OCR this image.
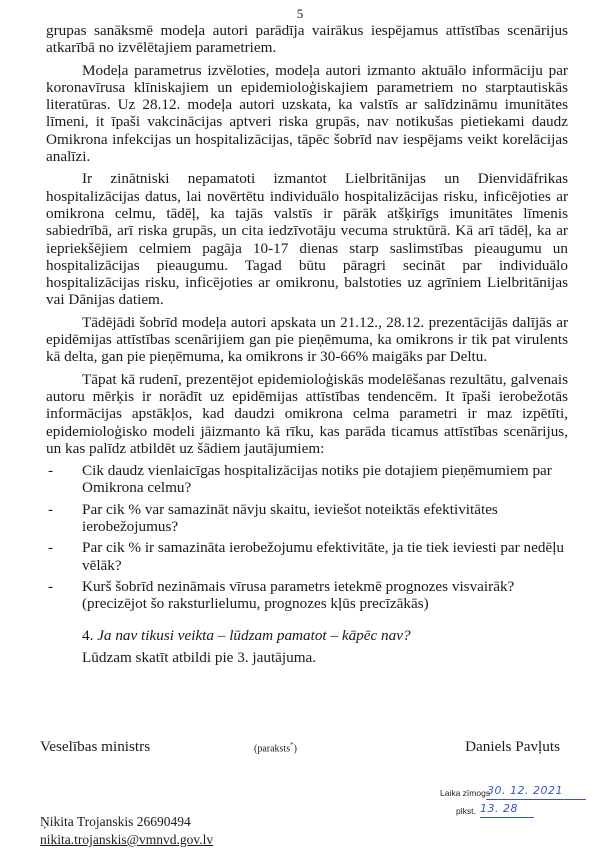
5

grupas sanāksmē modeļa autori parādīja vairākus iespējamus attīstības scenārijus atkarībā no izvēlētajiem parametriem.

Modeļa parametrus izvēloties, modeļa autori izmanto aktuālo informāciju par koronavīrusa klīniskajiem un epidemioloģiskajiem parametriem no starptautiskās literatūras. Uz 28.12. modeļa autori uzskata, ka valstīs ar salīdzināmu imunitātes līmeni, it īpaši vakcinācijas aptveri riska grupās, nav notikušas pietiekami daudz Omikrona infekcijas un hospitalizācijas, tāpēc šobrīd nav iespējams veikt korelācijas analīzi.

Ir zinātniski nepamatoti izmantot Lielbritānijas un Dienvidāfrikas hospitalizācijas datus, lai novērtētu individuālo hospitalizācijas risku, inficējoties ar omikrona celmu, tādēļ, ka tajās valstīs ir pārāk atšķirīgs imunitātes līmenis sabiedrībā, arī riska grupās, un cita iedzīvotāju vecuma struktūrā. Kā arī tādēļ, ka ar iepriekšējiem celmiem pagāja 10-17 dienas starp saslimstības pieaugumu un hospitalizācijas pieaugumu. Tagad būtu pāragri secināt par individuālo hospitalizācijas risku, inficējoties ar omikronu, balstoties uz agrīniem Lielbritānijas vai Dānijas datiem.

Tādējādi šobrīd modeļa autori apskata un 21.12., 28.12. prezentācijās dalījās ar epidēmijas attīstības scenārijiem gan pie pieņēmuma, ka omikrons ir tik pat virulents kā delta, gan pie pieņēmuma, ka omikrons ir 30-66% maigāks par Deltu.

Tāpat kā rudenī, prezentējot epidemioloģiskās modelēšanas rezultātu, galvenais autoru mērķis ir norādīt uz epidēmijas attīstības tendencēm. It īpaši ierobežotās informācijas apstākļos, kad daudzi omikrona celma parametri ir maz izpētīti, epidemioloģisko modeli jāizmanto kā rīku, kas parāda ticamus attīstības scenārijus, un kas palīdz atbildēt uz šādiem jautājumiem:

- Cik daudz vienlaicīgas hospitalizācijas notiks pie dotajiem pieņēmumiem par Omikrona celmu?
- Par cik % var samazināt nāvju skaitu, ieviešot noteiktās efektivitātes ierobežojumus?
- Par cik % ir samazināta ierobežojumu efektivitāte, ja tie tiek ieviesti par nedēļu vēlāk?
- Kurš šobrīd nezināmais vīrusa parametrs ietekmē prognozes visvairāk?
(precizējot šo raksturlielumu, prognozes kļūs precīzākās)

4. Ja nav tikusi veikta – lūdzam pamatot – kāpēc nav?

Lūdzam skatīt atbildi pie 3. jautājuma.

Veselības ministrs	(paraksts*)	Daniels Pavļuts
Laika zīmogs
30. 12. 2021
plkst. 13. 28
Ņikita Trojanskis 26690494
nikita.trojanskis@vmnvd.gov.lv
